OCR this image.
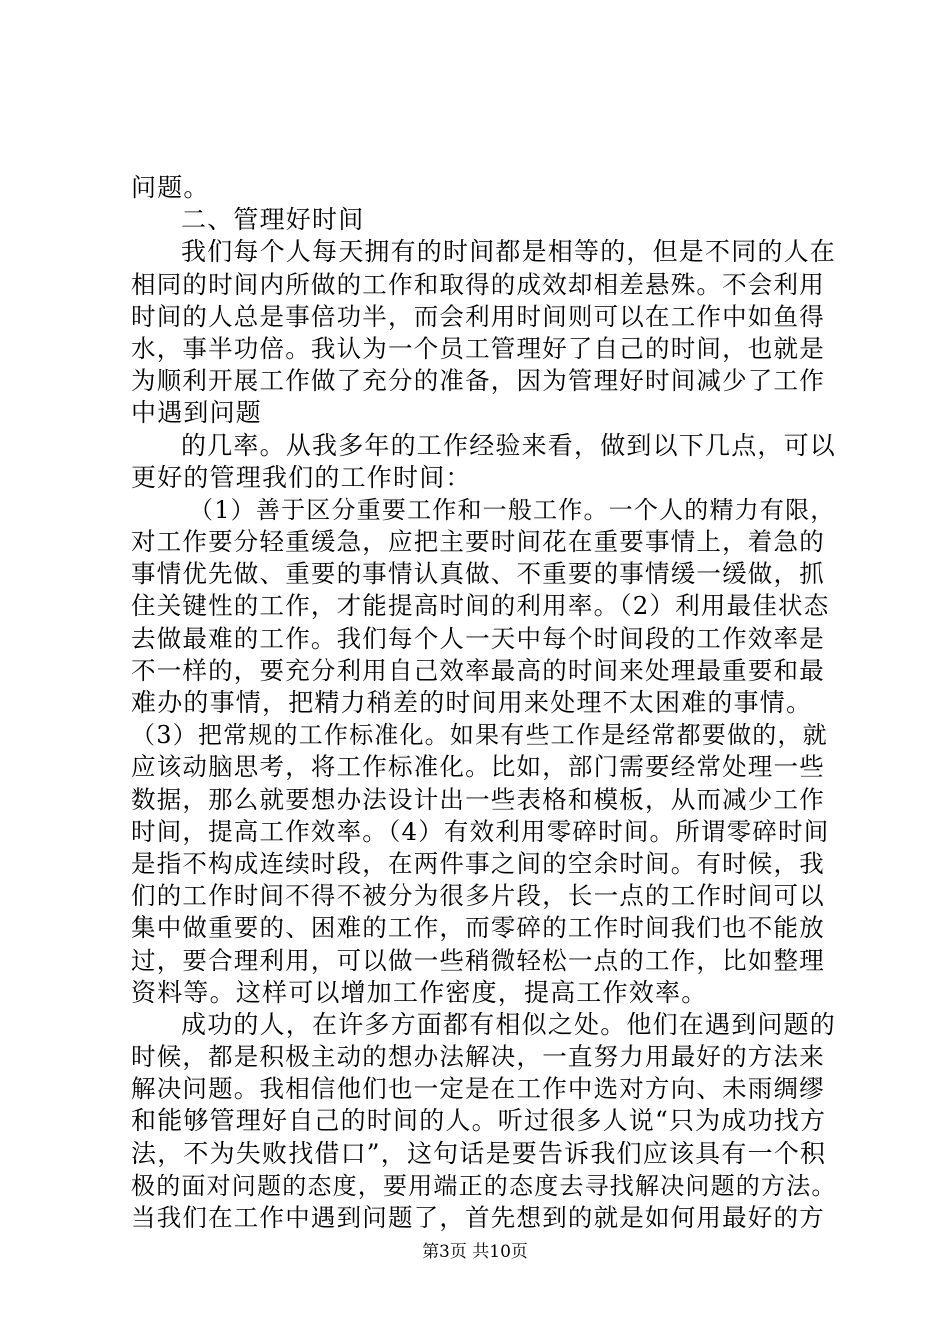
问题。
二、管理好时间
我们每个人每天拥有的时间都是相等的，但是不同的人在
相同的时间内所做的工作和取得的成效却相差悬殊。不会利用
时间的人总是事倍功半，而会利用时间则可以在工作中如鱼得
水，事半功倍。我认为一个员工管理好了自己的时间，也就是
为顺利开展工作做了充分的准备，因为管理好时间减少了工作
中遇到问题
的几率。从我多年的工作经验来看，做到以下几点，可以
更好的管理我们的工作时间：
（1）善于区分重要工作和一般工作。一个人的精力有限，
对工作要分轻重缓急，应把主要时间花在重要事情上，着急的
事情优先做、重要的事情认真做、不重要的事情缓一缓做，抓
住关键性的工作，才能提高时间的利用率。（2）利用最佳状态
去做最难的工作。我们每个人一天中每个时间段的工作效率是
不一样的，要充分利用自己效率最高的时间来处理最重要和最
难办的事情，把精力稍差的时间用来处理不太困难的事情。
（3）把常规的工作标准化。如果有些工作是经常都要做的，就
应该动脑思考，将工作标准化。比如，部门需要经常处理一些
数据，那么就要想办法设计出一些表格和模板，从而减少工作
时间，提高工作效率。（4）有效利用零碎时间。所谓零碎时间
是指不构成连续时段，在两件事之间的空余时间。有时候，我
们的工作时间不得不被分为很多片段，长一点的工作时间可以
集中做重要的、困难的工作，而零碎的工作时间我们也不能放
过，要合理利用，可以做一些稍微轻松一点的工作，比如整理
资料等。这样可以增加工作密度，提高工作效率。
成功的人，在许多方面都有相似之处。他们在遇到问题的
时候，都是积极主动的想办法解决，一直努力用最好的方法来
解决问题。我相信他们也一定是在工作中选对方向、未雨绸缪
和能够管理好自己的时间的人。听过很多人说“只为成功找方
法，不为失败找借口”，这句话是要告诉我们应该具有一个积
极的面对问题的态度，要用端正的态度去寻找解决问题的方法。
当我们在工作中遇到问题了，首先想到的就是如何用最好的方
第3页 共10页
